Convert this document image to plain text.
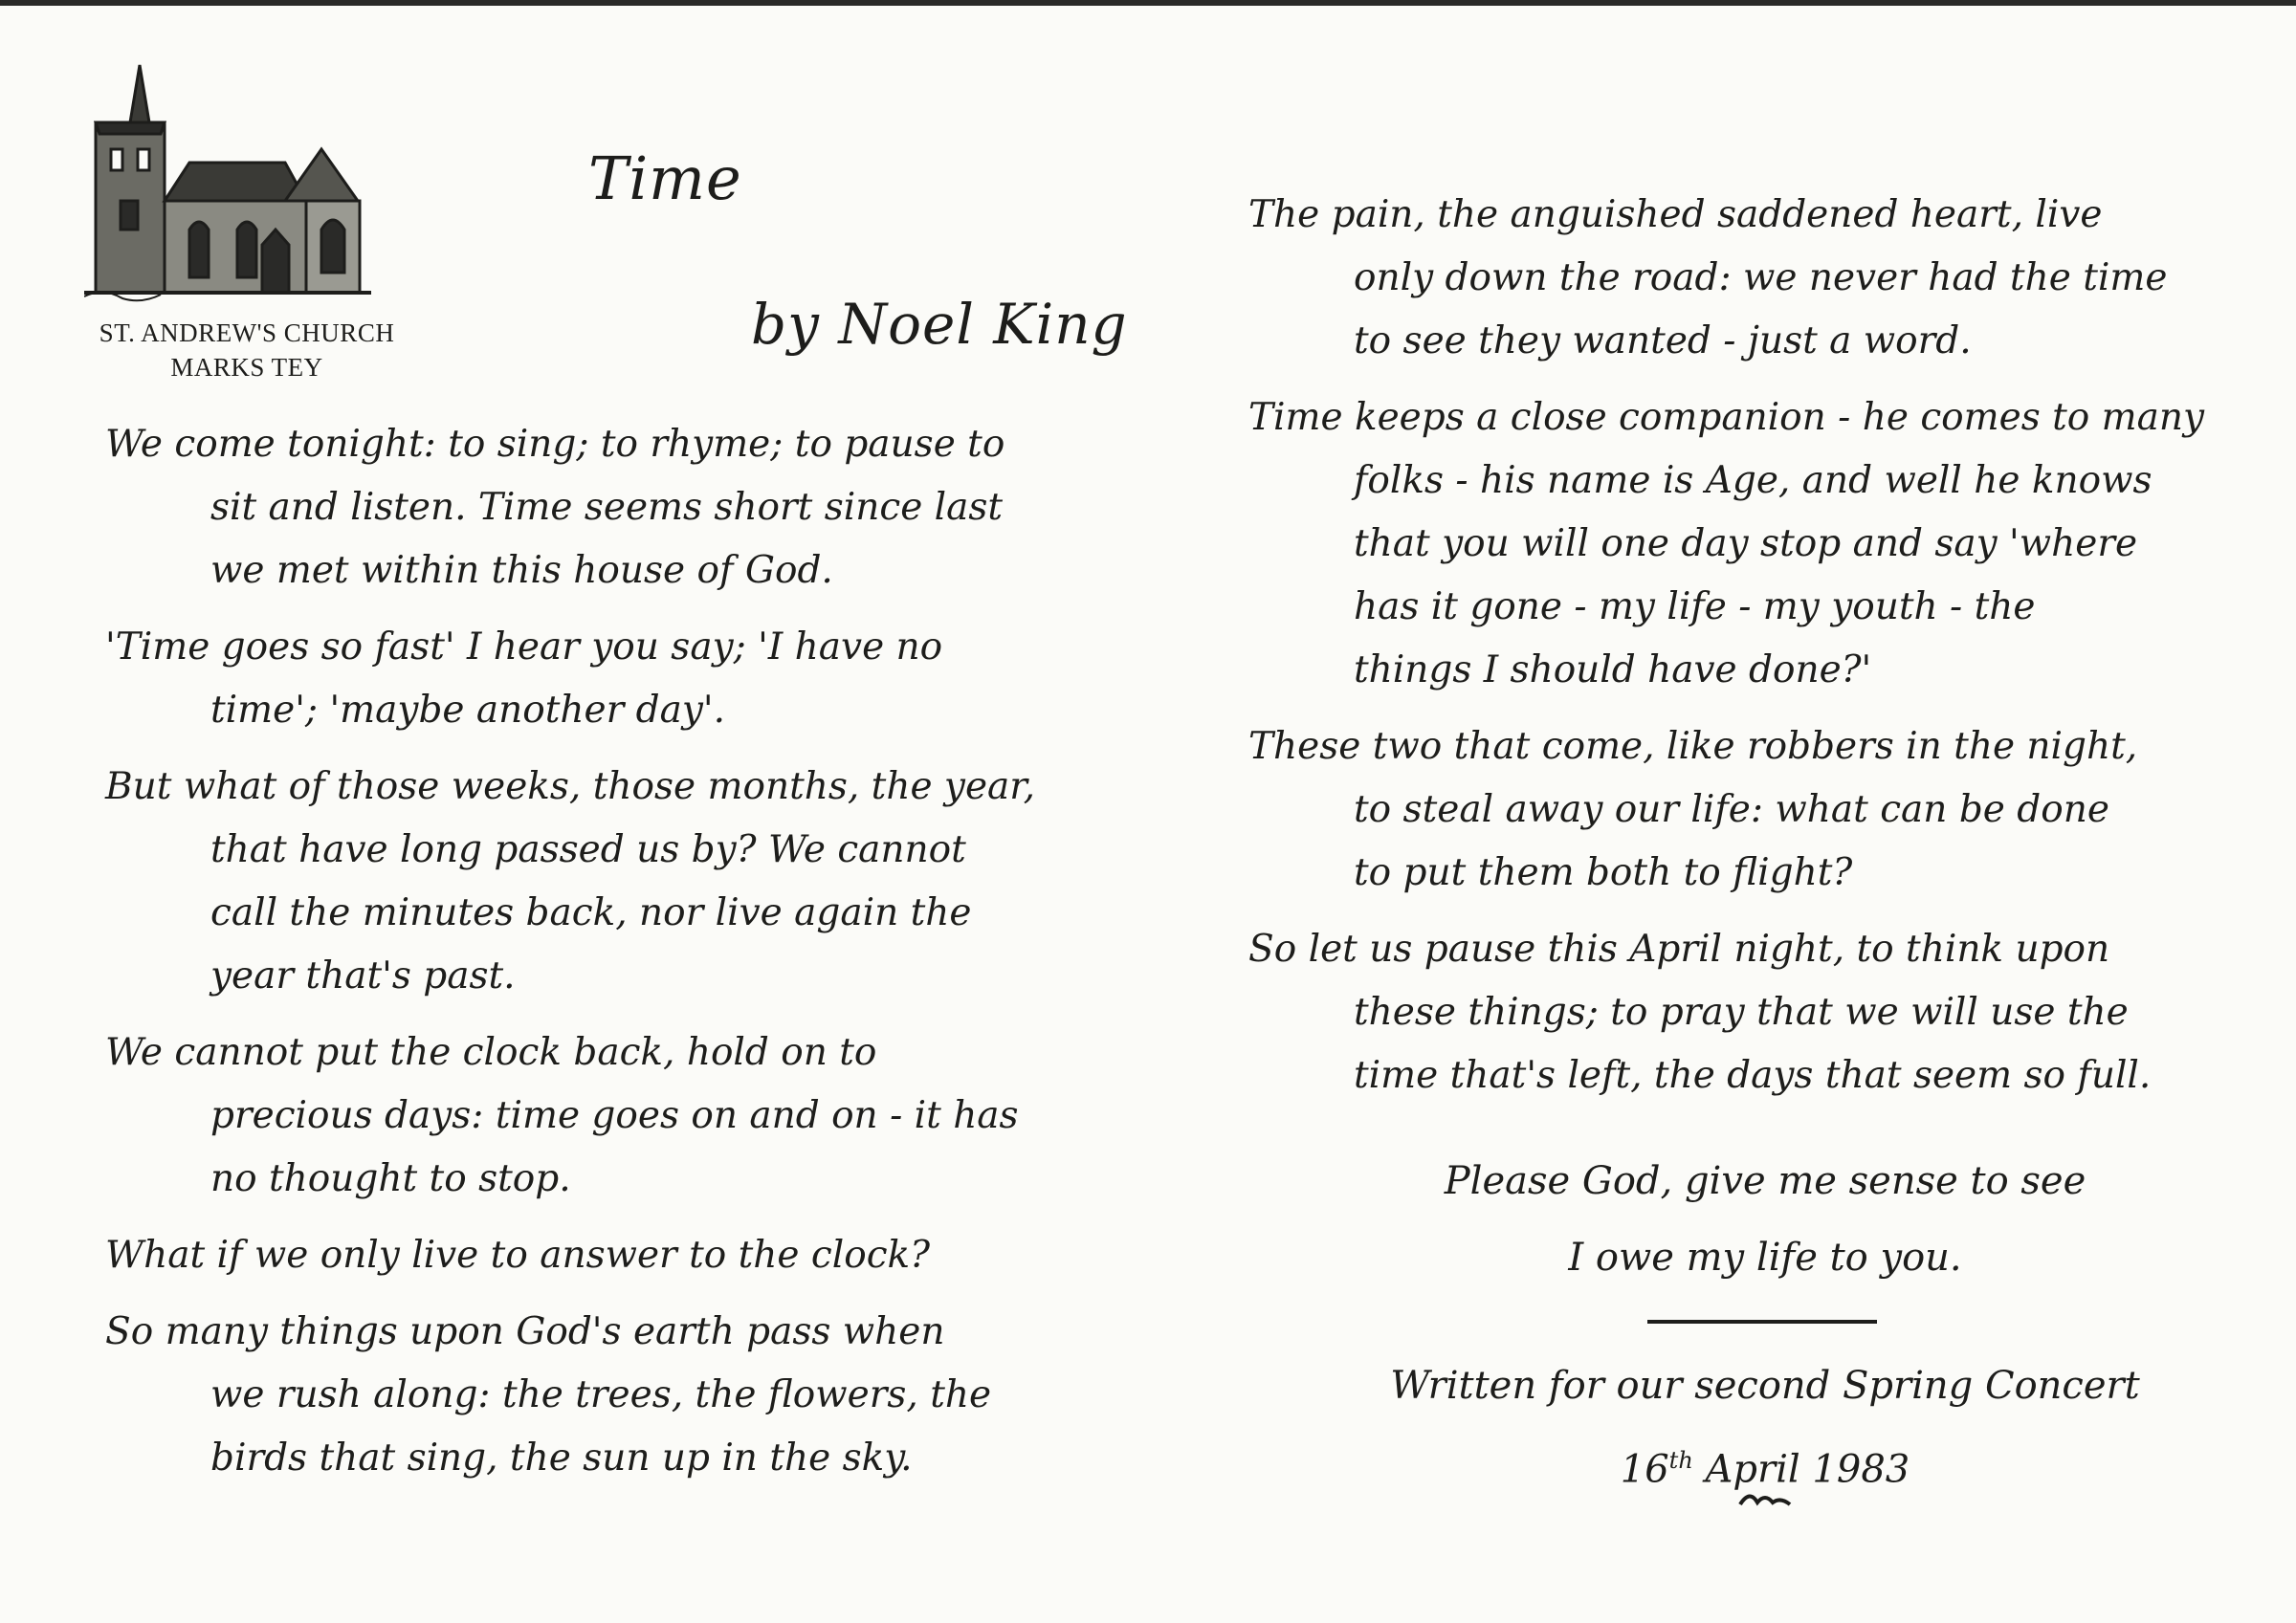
ST. ANDREW'S CHURCH
MARKS TEY
Time
by Noel King
We come tonight: to sing; to rhyme; to pause to
sit and listen. Time seems short since last
we met within this house of God.
'Time goes so fast' I hear you say; 'I have no
time'; 'maybe another day'.
But what of those weeks, those months, the year,
that have long passed us by? We cannot
call the minutes back, nor live again the
year that's past.
We cannot put the clock back, hold on to
precious days: time goes on and on - it has
no thought to stop.
What if we only live to answer to the clock?
So many things upon God's earth pass when
we rush along: the trees, the flowers, the
birds that sing, the sun up in the sky.
The pain, the anguished saddened heart, live
only down the road: we never had the time
to see they wanted - just a word.
Time keeps a close companion - he comes to many
folks - his name is Age, and well he knows
that you will one day stop and say 'where
has it gone - my life - my youth - the
things I should have done?'
These two that come, like robbers in the night,
to steal away our life: what can be done
to put them both to flight?
So let us pause this April night, to think upon
these things; to pray that we will use the
time that's left, the days that seem so full.
Please God, give me sense to see
I owe my life to you.
Written for our second Spring Concert
16th April 1983
